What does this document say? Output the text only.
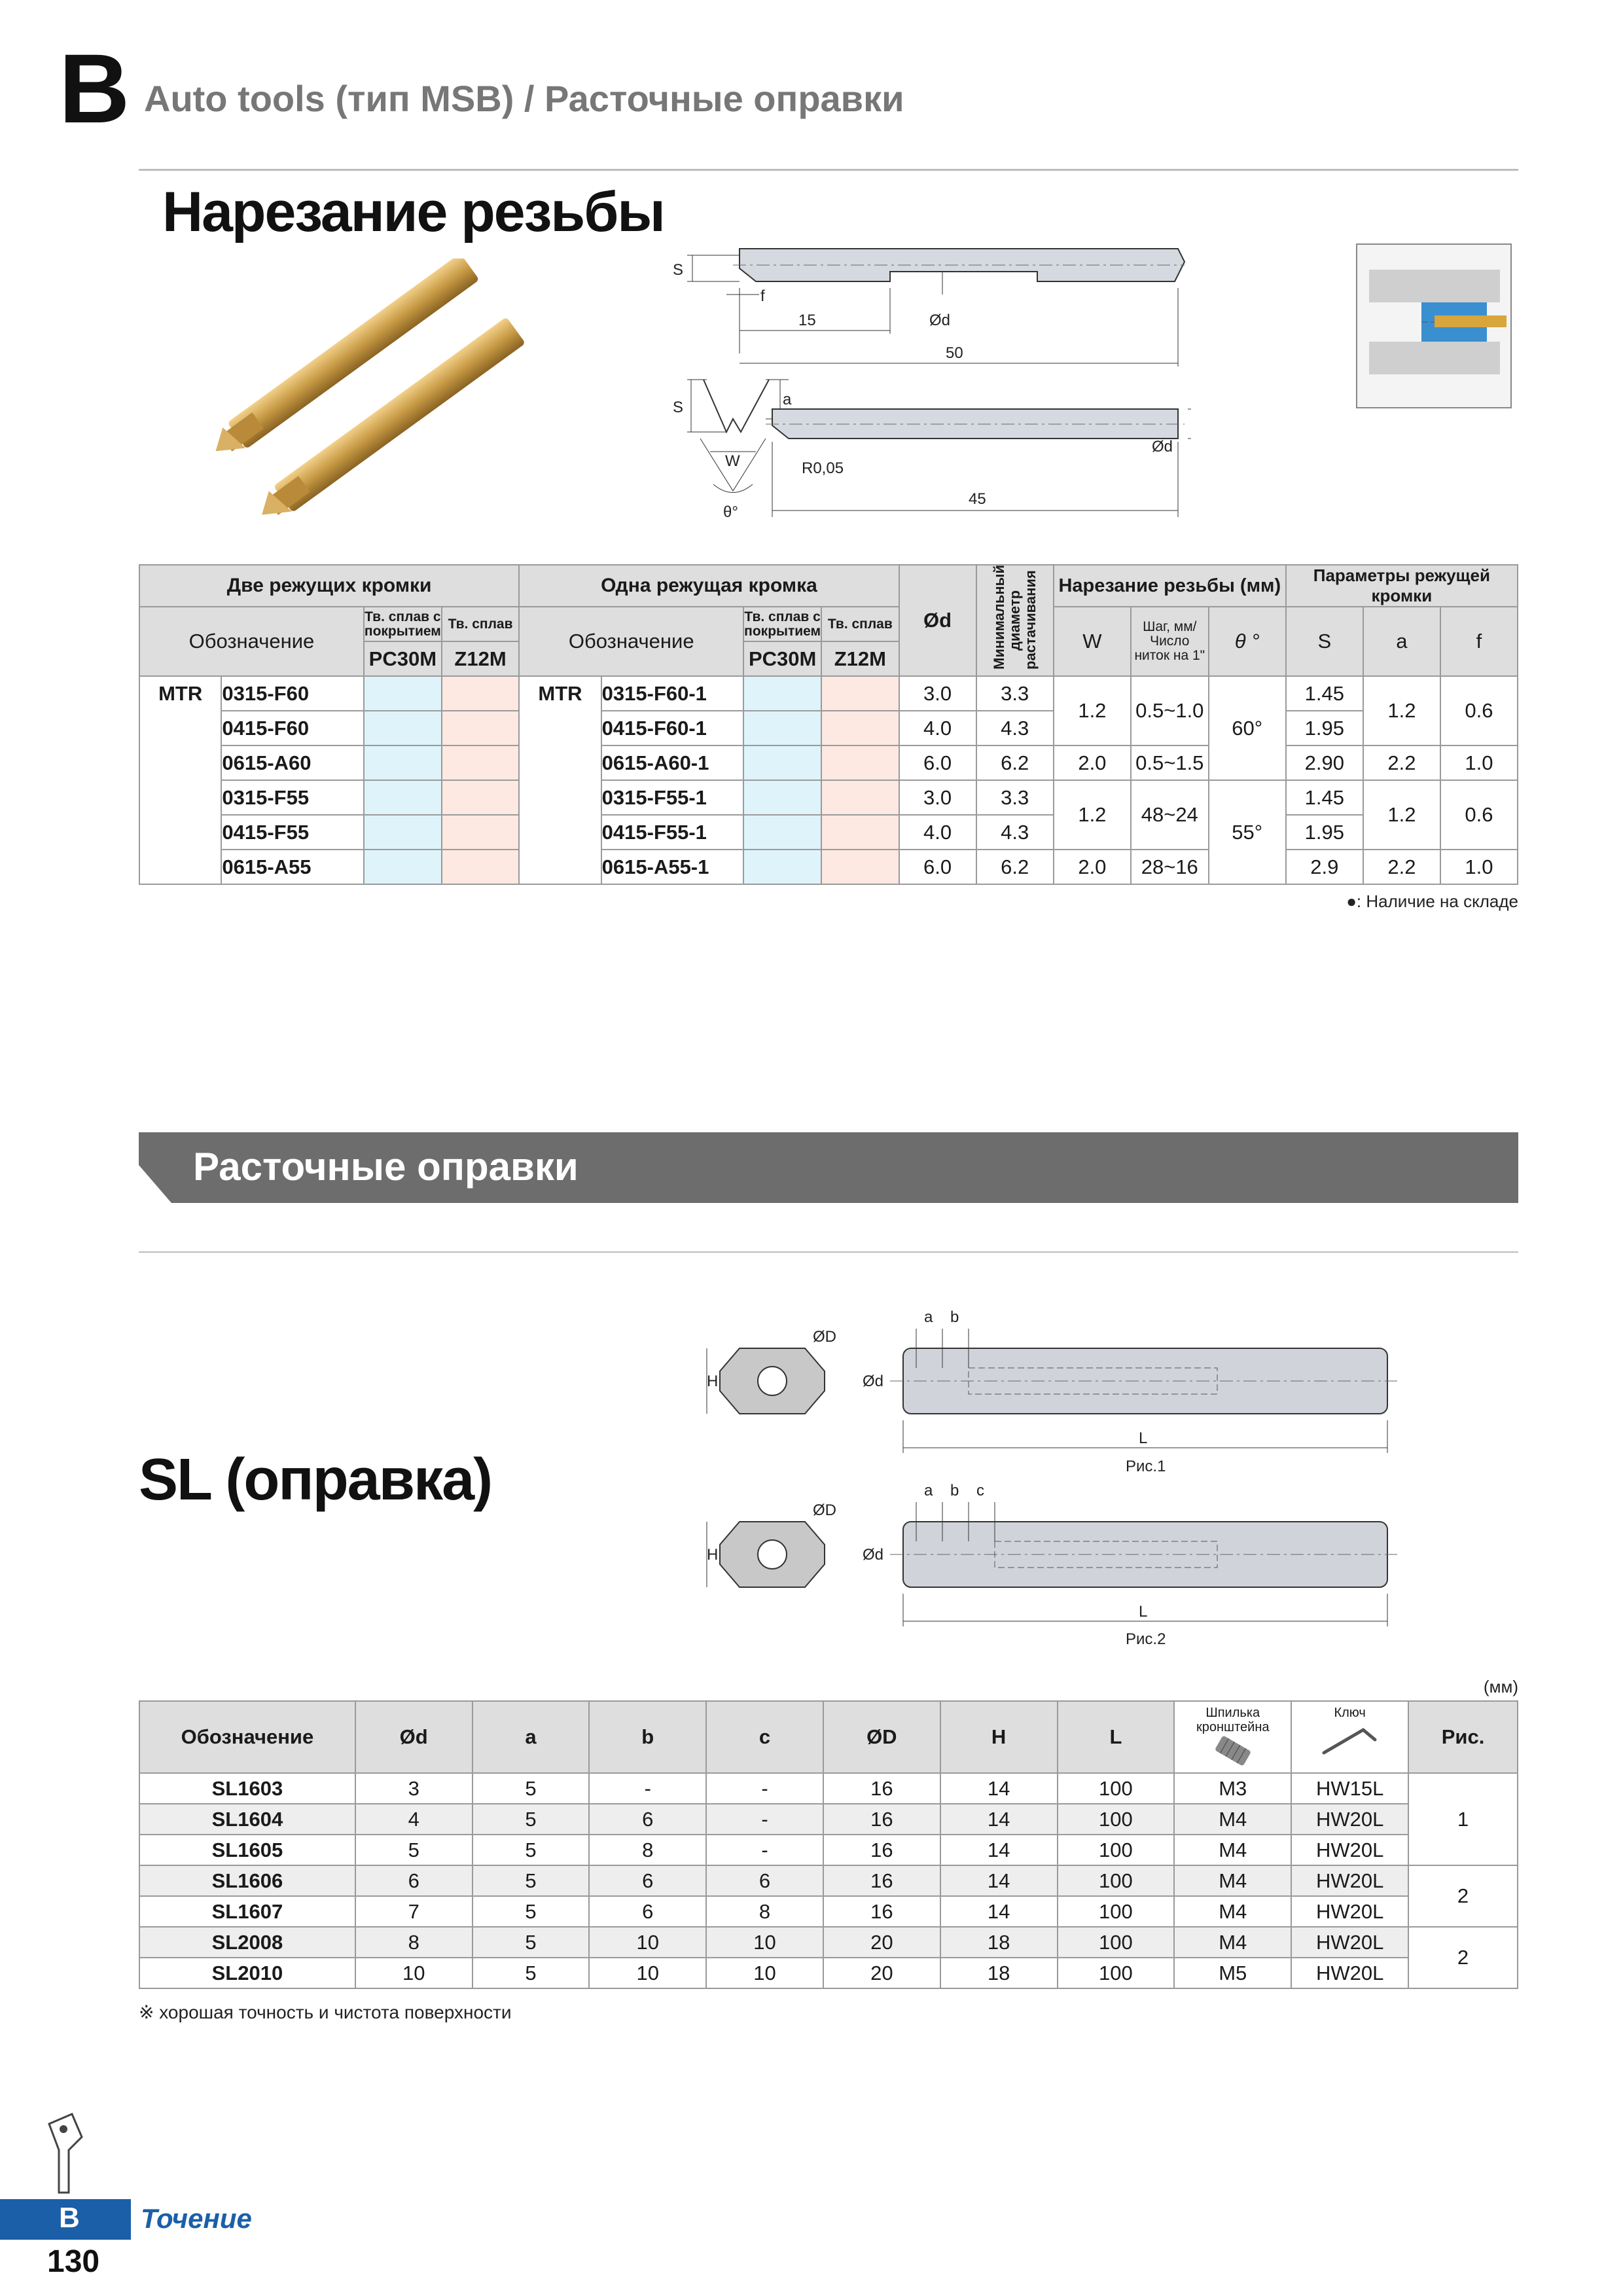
B Auto tools (тип MSB) / Расточные оправки
Нарезание резьбы
S
f
15	Ød
50
S	a
W
θ°
R0,05
45
Ød
Две режущих кромки				Одна режущая кромка				Ød	Минимальный диаметр растачивания	Нарезание резьбы (мм)			Параметры режущей кромки		
Обозначение		Тв. сплав с покрытием	Тв. сплав	Обозначение		Тв. сплав с покрытием	Тв. сплав			W	Шаг, мм/ Число ниток на 1"	θ °	S	a	f
		PC30M	Z12M			PC30M	Z12M								
MTR	0315-F60			MTR	0315-F60-1			3.0	3.3	1.2	0.5~1.0	60°	1.45	1.2	0.6
	0415-F60				0415-F60-1			4.0	4.3				1.95		
	0615-A60				0615-A60-1			6.0	6.2	2.0	0.5~1.5		2.90	2.2	1.0
	0315-F55				0315-F55-1			3.0	3.3	1.2	48~24	55°	1.45	1.2	0.6
	0415-F55				0415-F55-1			4.0	4.3				1.95		
	0615-A55				0615-A55-1			6.0	6.2	2.0	28~16		2.9	2.2	1.0
●: Наличие на складе
Расточные оправки
SL (оправка)
a b
ØD
H	Ød
L
Рис.1
a b c
ØD
H	Ød
L
Рис.2
(мм)
Обозначение	Ød	a	b	c	ØD	H	L	Шпилька кронштейна	Ключ	Рис.
SL1603	3	5	-	-	16	14	100	M3	HW15L	1
SL1604	4	5	6	-	16	14	100	M4	HW20L	
SL1605	5	5	8	-	16	14	100	M4	HW20L	
SL1606	6	5	6	6	16	14	100	M4	HW20L	2
SL1607	7	5	6	8	16	14	100	M4	HW20L	
SL2008	8	5	10	10	20	18	100	M4	HW20L	2
SL2010	10	5	10	10	20	18	100	M5	HW20L	
※ хорошая точность и чистота поверхности
B Точение
130
